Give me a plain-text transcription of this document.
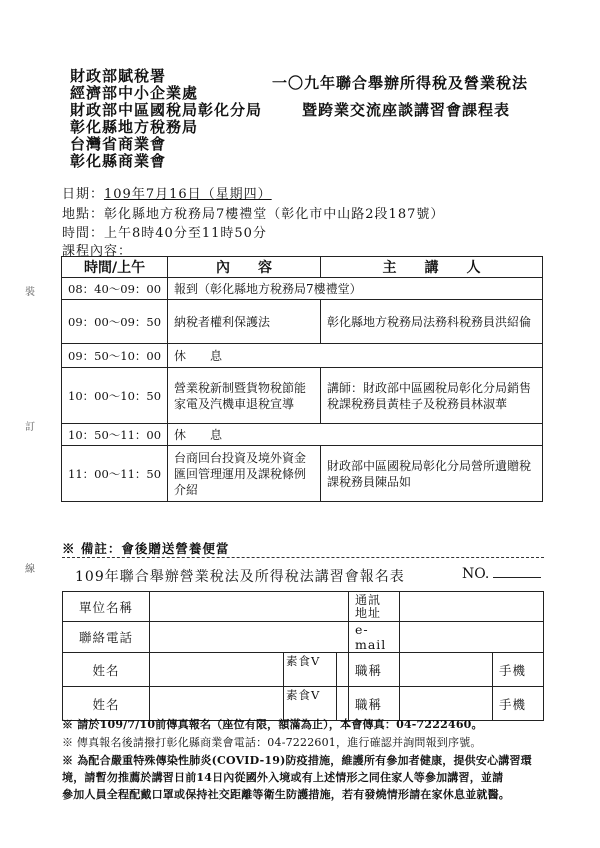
財政部賦稅署
經濟部中小企業處
財政部中區國稅局彰化分局
彰化縣地方稅務局
台灣省商業會
彰化縣商業會
一〇九年聯合舉辦所得稅及營業稅法
暨跨業交流座談講習會課程表
裝
訂
線
日期：109年7月16日（星期四）
地點：彰化縣地方稅務局7樓禮堂（彰化市中山路2段187號）
時間：上午8時40分至11時50分
課程內容：
時間/上午	內　　容	主　　講　　人
08：40～09：00	報到（彰化縣地方稅務局7樓禮堂）	
09：00～09：50	納稅者權利保護法	彰化縣地方稅務局法務科稅務員洪紹倫
09：50～10：00	休　　息	
10：00～10：50	營業稅新制暨貨物稅節能家電及汽機車退稅宣導	講師：財政部中區國稅局彰化分局銷售稅課稅務員黃桂子及稅務員林淑華
10：50～11：00	休　　息	
11：00～11：50	台商回台投資及境外資金匯回管理運用及課稅條例介紹	財政部中區國稅局彰化分局營所遺贈稅課稅務員陳品如
※ 備註：會後贈送營養便當
109年聯合舉辦營業稅法及所得稅法講習會報名表	NO.
單位名稱				通訊地址		
聯絡電話				e-mail		
姓名		素食V		職稱		手機
姓名		素食V		職稱		手機
※ 請於109/7/10前傳真報名（座位有限，額滿為止），本會傳真：04-7222460。
※ 傳真報名後請撥打彰化縣商業會電話：04-7222601，進行確認并詢問報到序號。
※ 為配合嚴重特殊傳染性肺炎(COVID-19)防疫措施，維護所有參加者健康，提供安心講習環
境，請暫勿推薦於講習日前14日內從國外入境或有上述情形之同住家人等參加講習，並請
參加人員全程配戴口罩或保持社交距離等衛生防護措施，若有發燒情形請在家休息並就醫。
